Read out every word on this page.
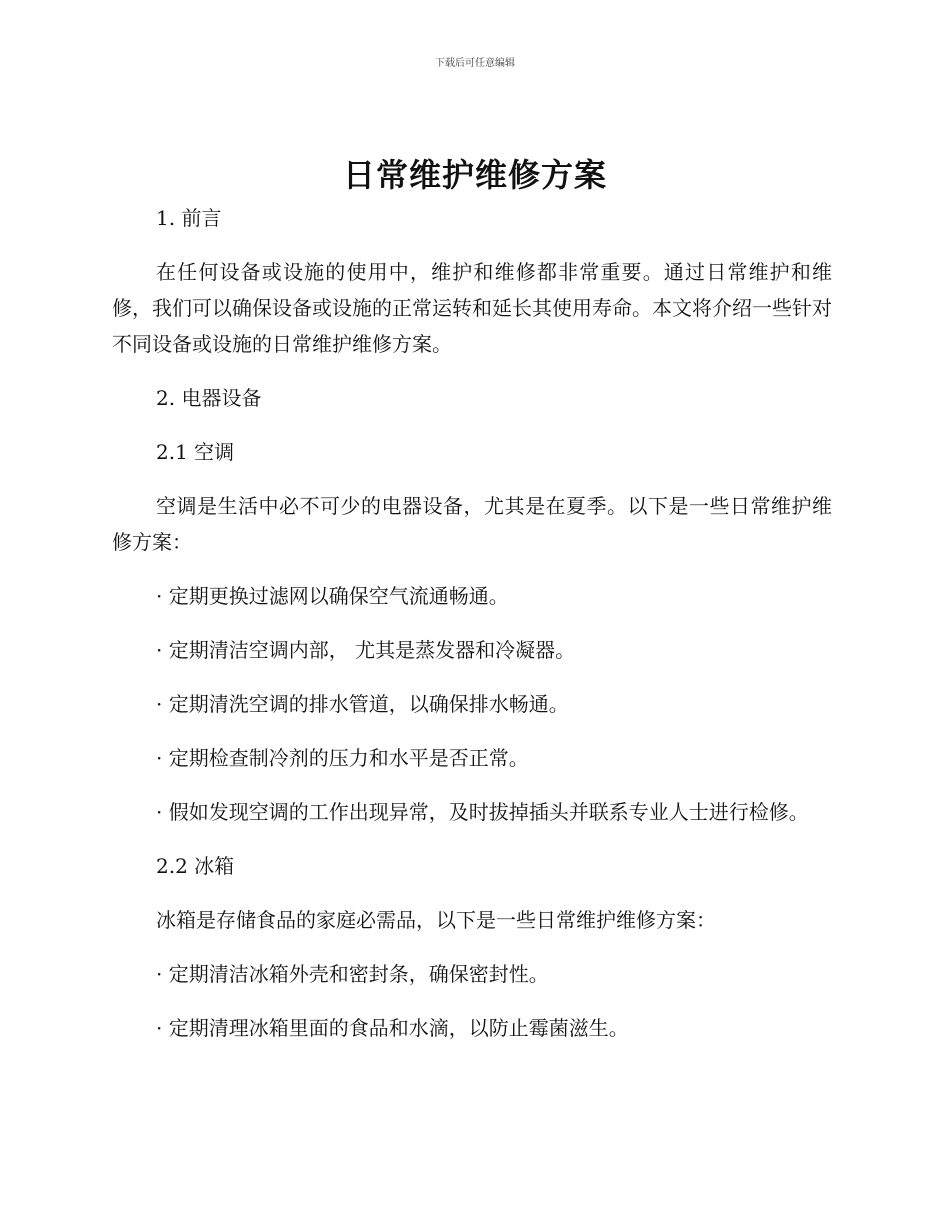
下载后可任意编辑
日常维护维修方案

1. 前言

在任何设备或设施的使用中，维护和维修都非常重要。通过日常维护和维修，我们可以确保设备或设施的正常运转和延长其使用寿命。本文将介绍一些针对不同设备或设施的日常维护维修方案。

2. 电器设备

2.1 空调

空调是生活中必不可少的电器设备，尤其是在夏季。以下是一些日常维护维修方案：

· 定期更换过滤网以确保空气流通畅通。

· 定期清洁空调内部， 尤其是蒸发器和冷凝器。

· 定期清洗空调的排水管道，以确保排水畅通。

· 定期检查制冷剂的压力和水平是否正常。

· 假如发现空调的工作出现异常，及时拔掉插头并联系专业人士进行检修。

2.2 冰箱

冰箱是存储食品的家庭必需品，以下是一些日常维护维修方案：

· 定期清洁冰箱外壳和密封条，确保密封性。

· 定期清理冰箱里面的食品和水滴，以防止霉菌滋生。
